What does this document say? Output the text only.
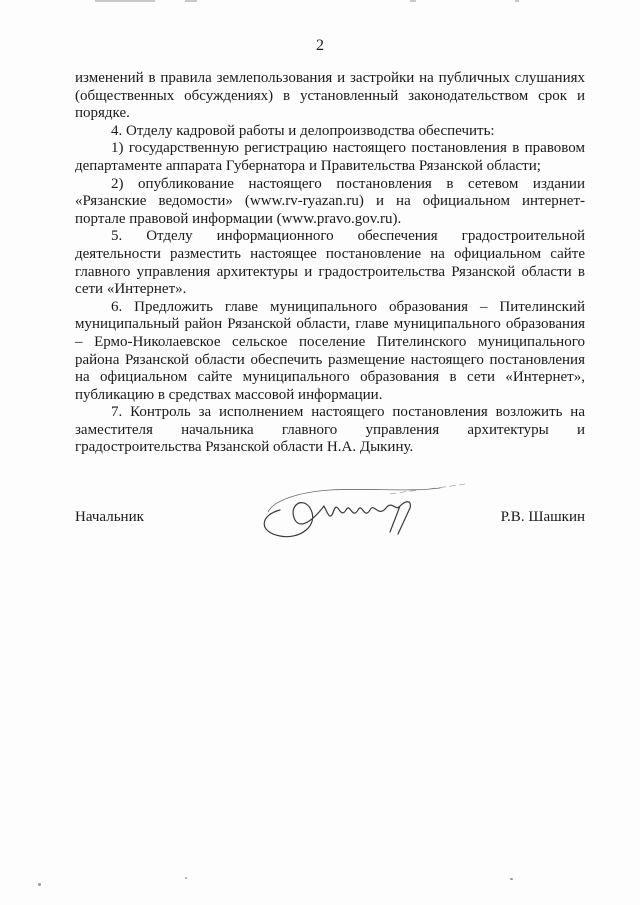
2

изменений в правила землепользования и застройки на публичных слушаниях (общественных обсуждениях) в установленный законодательством срок и порядке.

4. Отделу кадровой работы и делопроизводства обеспечить:

1) государственную регистрацию настоящего постановления в правовом департаменте аппарата Губернатора и Правительства Рязанской области;

2) опубликование настоящего постановления в сетевом издании «Рязанские ведомости» (www.rv-ryazan.ru) и на официальном интернет-портале правовой информации (www.pravo.gov.ru).

5. Отделу информационного обеспечения градостроительной деятельности разместить настоящее постановление на официальном сайте главного управления архитектуры и градостроительства Рязанской области в сети «Интернет».

6. Предложить главе муниципального образования – Пителинский муниципальный район Рязанской области, главе муниципального образования – Ермо-Николаевское сельское поселение Пителинского муниципального района Рязанской области обеспечить размещение настоящего постановления на официальном сайте муниципального образования в сети «Интернет», публикацию в средствах массовой информации.

7. Контроль за исполнением настоящего постановления возложить на заместителя начальника главного управления архитектуры и градостроительства Рязанской области Н.А. Дыкину.

Начальник	Р.В. Шашкин
